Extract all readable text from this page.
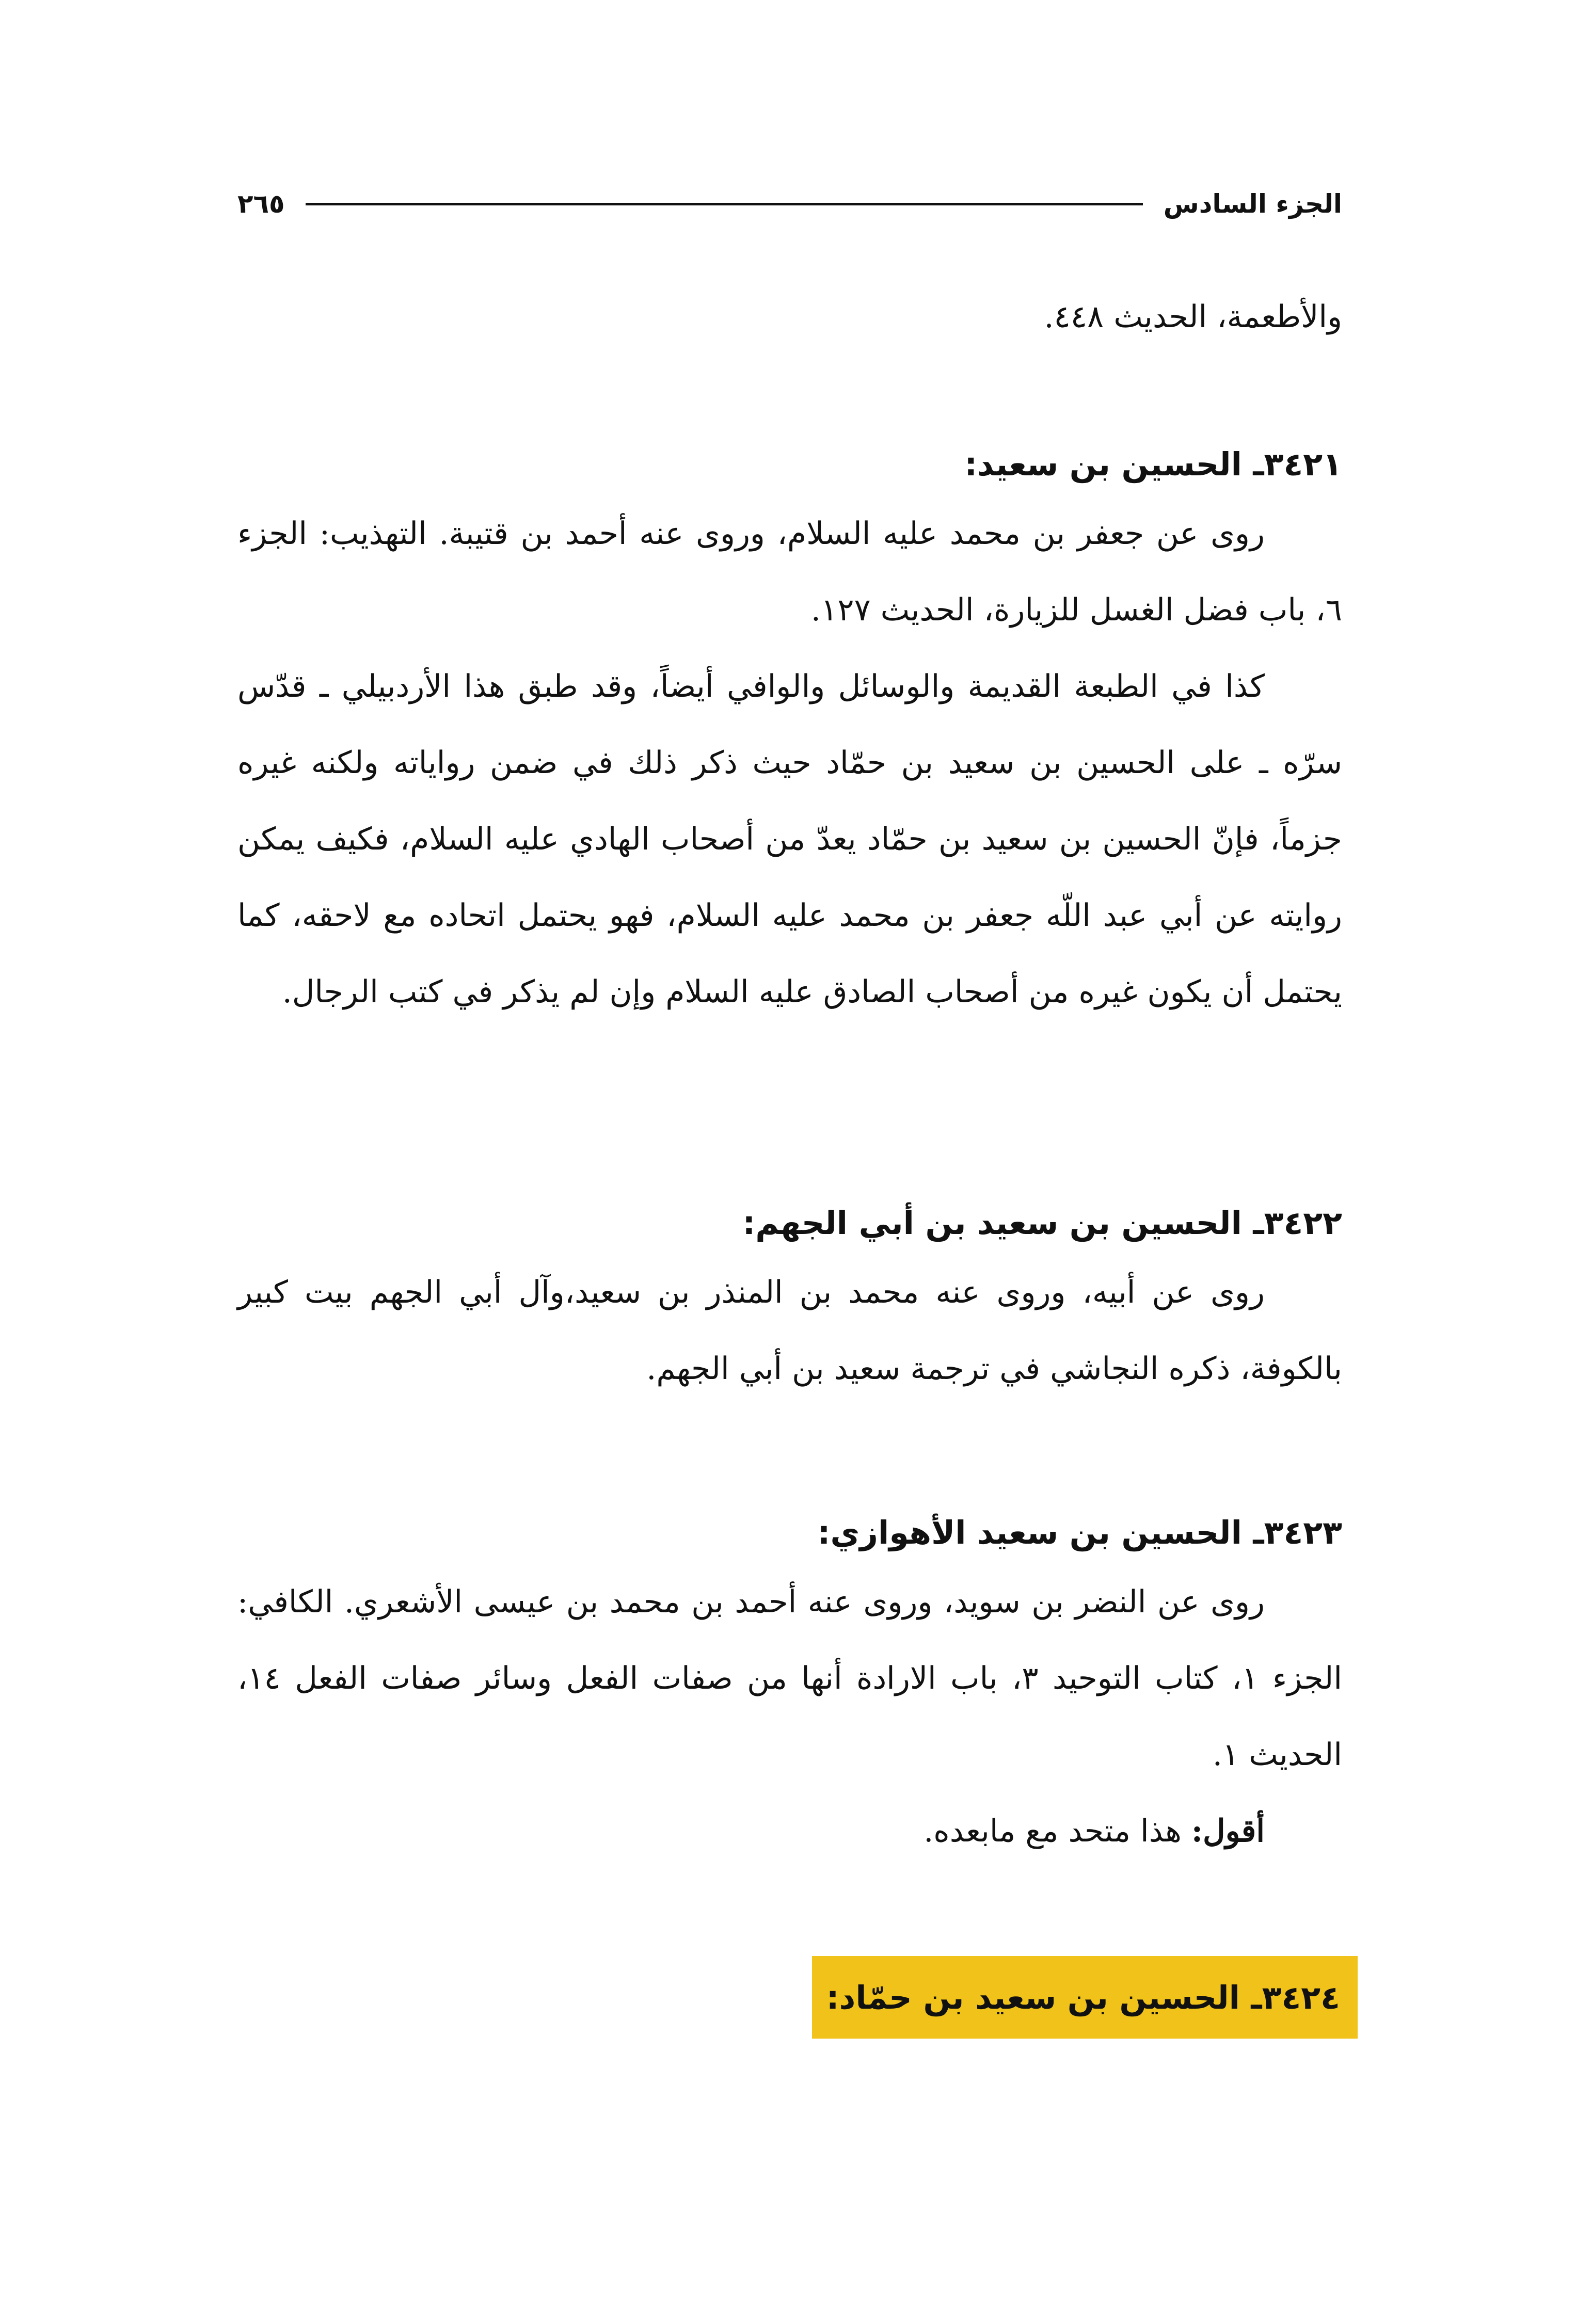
الجزء السادس
٢٦٥

والأطعمة، الحديث ٤٤٨.

٣٤٢١ـ الحسين بن سعيد:

روى عن جعفر بن محمد عليه السلام، وروى عنه أحمد بن قتيبة. التهذيب: الجزء ٦، باب فضل الغسل للزيارة، الحديث ١٢٧.

كذا في الطبعة القديمة والوسائل والوافي أيضاً، وقد طبق هذا الأردبيلي ـ قدّس سرّه ـ على الحسين بن سعيد بن حمّاد حيث ذكر ذلك في ضمن رواياته ولكنه غيره جزماً، فإنّ الحسين بن سعيد بن حمّاد يعدّ من أصحاب الهادي عليه السلام، فكيف يمكن روايته عن أبي عبد اللّه جعفر بن محمد عليه السلام، فهو يحتمل اتحاده مع لاحقه، كما يحتمل أن يكون غيره من أصحاب الصادق عليه السلام وإن لم يذكر في كتب الرجال.

٣٤٢٢ـ الحسين بن سعيد بن أبي الجهم:

روى عن أبيه، وروى عنه محمد بن المنذر بن سعيد،وآل أبي الجهم بيت كبير بالكوفة، ذكره النجاشي في ترجمة سعيد بن أبي الجهم.

٣٤٢٣ـ الحسين بن سعيد الأهوازي:

روى عن النضر بن سويد، وروى عنه أحمد بن محمد بن عيسى الأشعري. الكافي: الجزء ١، كتاب التوحيد ٣، باب الارادة أنها من صفات الفعل وسائر صفات الفعل ١٤، الحديث ١.

أقول: هذا متحد مع مابعده.

٣٤٢٤ـ الحسين بن سعيد بن حمّاد:
